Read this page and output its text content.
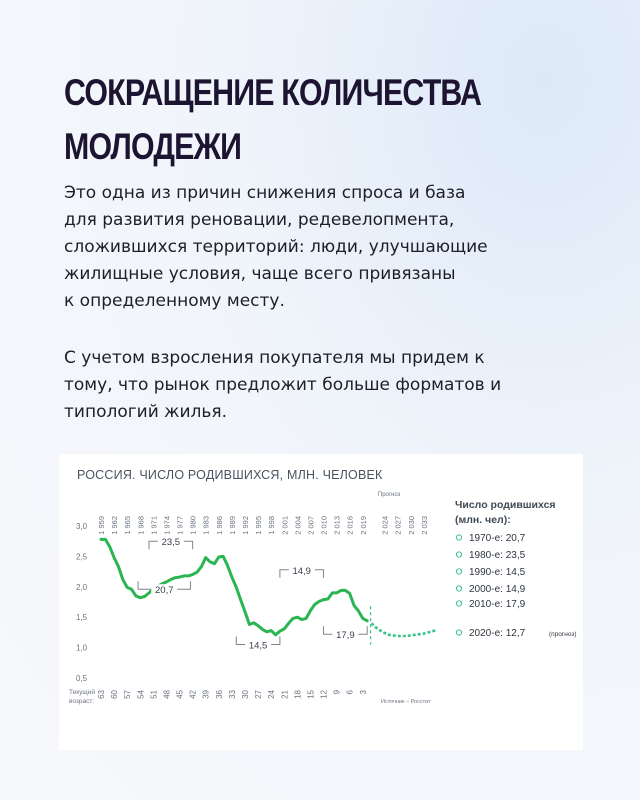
СОКРАЩЕНИЕ КОЛИЧЕСТВА
МОЛОДЕЖИ

Это одна из причин снижения спроса и база
для развития реновации, редевелопмента,
сложившихся территорий: люди, улучшающие
жилищные условия, чаще всего привязаны
к определенному месту.

С учетом взросления покупателя мы придем к
тому, что рынок предложит больше форматов и
типологий жилья.

РОССИЯ. ЧИСЛО РОДИВШИХСЯ, МЛН. ЧЕЛОВЕК
3,0
2,5
2,0
1,5
1,0
0,5
1 959 1 962 1 965 1 968 1 971 1 974 1 977 1 980 1 983 1 986 1 989 1 992 1 995 1 998 2 001 2 004 2 007 2 010 2 013 2 016 2 019 2 024 2 027 2 030 2 033
Прогноз
Текущий
возраст:
63 60 57 54 51 48 45 42 39 36 33 30 27 24 21 18 15 12 9 6 3
Источник – Росстат
23,5
20,7
14,9
14,5
17,9
Число родившихся
(млн. чел):
1970-е: 20,7
1980-е: 23,5
1990-е: 14,5
2000-е: 14,9
2010-е: 17,9
2020-е: 12,7	(прогноз)
